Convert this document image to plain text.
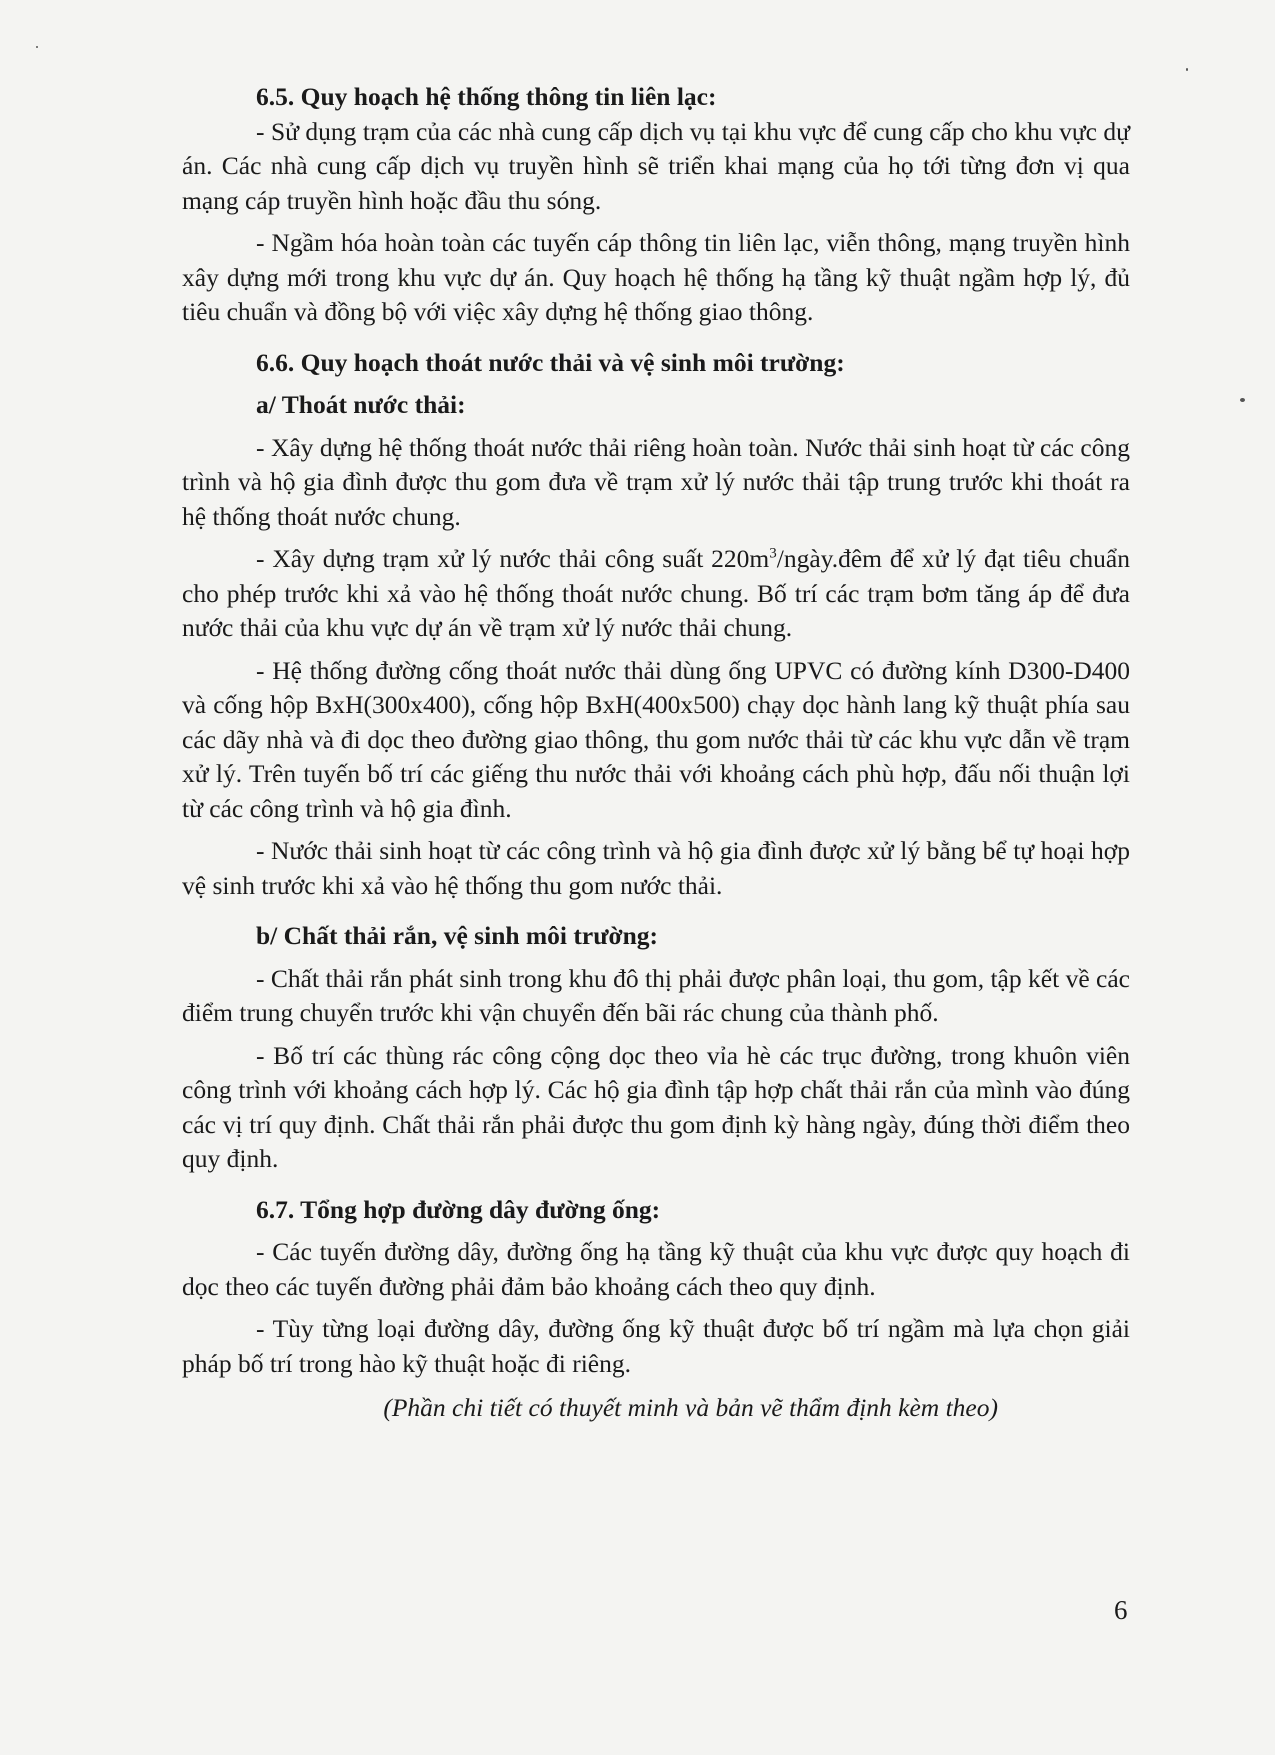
6.5. Quy hoạch hệ thống thông tin liên lạc:

- Sử dụng trạm của các nhà cung cấp dịch vụ tại khu vực để cung cấp cho khu vực dự án. Các nhà cung cấp dịch vụ truyền hình sẽ triển khai mạng của họ tới từng đơn vị qua mạng cáp truyền hình hoặc đầu thu sóng.

- Ngầm hóa hoàn toàn các tuyến cáp thông tin liên lạc, viễn thông, mạng truyền hình xây dựng mới trong khu vực dự án. Quy hoạch hệ thống hạ tầng kỹ thuật ngầm hợp lý, đủ tiêu chuẩn và đồng bộ với việc xây dựng hệ thống giao thông.

6.6. Quy hoạch thoát nước thải và vệ sinh môi trường:

a/ Thoát nước thải:

- Xây dựng hệ thống thoát nước thải riêng hoàn toàn. Nước thải sinh hoạt từ các công trình và hộ gia đình được thu gom đưa về trạm xử lý nước thải tập trung trước khi thoát ra hệ thống thoát nước chung.

- Xây dựng trạm xử lý nước thải công suất $220m^3/ngày.đêm$ để xử lý đạt tiêu chuẩn cho phép trước khi xả vào hệ thống thoát nước chung. Bố trí các trạm bơm tăng áp để đưa nước thải của khu vực dự án về trạm xử lý nước thải chung.

- Hệ thống đường cống thoát nước thải dùng ống UPVC có đường kính D300-D400 và cống hộp BxH(300x400), cống hộp BxH(400x500) chạy dọc hành lang kỹ thuật phía sau các dãy nhà và đi dọc theo đường giao thông, thu gom nước thải từ các khu vực dẫn về trạm xử lý. Trên tuyến bố trí các giếng thu nước thải với khoảng cách phù hợp, đấu nối thuận lợi từ các công trình và hộ gia đình.

- Nước thải sinh hoạt từ các công trình và hộ gia đình được xử lý bằng bể tự hoại hợp vệ sinh trước khi xả vào hệ thống thu gom nước thải.

b/ Chất thải rắn, vệ sinh môi trường:

- Chất thải rắn phát sinh trong khu đô thị phải được phân loại, thu gom, tập kết về các điểm trung chuyển trước khi vận chuyển đến bãi rác chung của thành phố.

- Bố trí các thùng rác công cộng dọc theo vỉa hè các trục đường, trong khuôn viên công trình với khoảng cách hợp lý. Các hộ gia đình tập hợp chất thải rắn của mình vào đúng các vị trí quy định. Chất thải rắn phải được thu gom định kỳ hàng ngày, đúng thời điểm theo quy định.

6.7. Tổng hợp đường dây đường ống:

- Các tuyến đường dây, đường ống hạ tầng kỹ thuật của khu vực được quy hoạch đi dọc theo các tuyến đường phải đảm bảo khoảng cách theo quy định.

- Tùy từng loại đường dây, đường ống kỹ thuật được bố trí ngầm mà lựa chọn giải pháp bố trí trong hào kỹ thuật hoặc đi riêng.

(Phần chi tiết có thuyết minh và bản vẽ thẩm định kèm theo)

6
